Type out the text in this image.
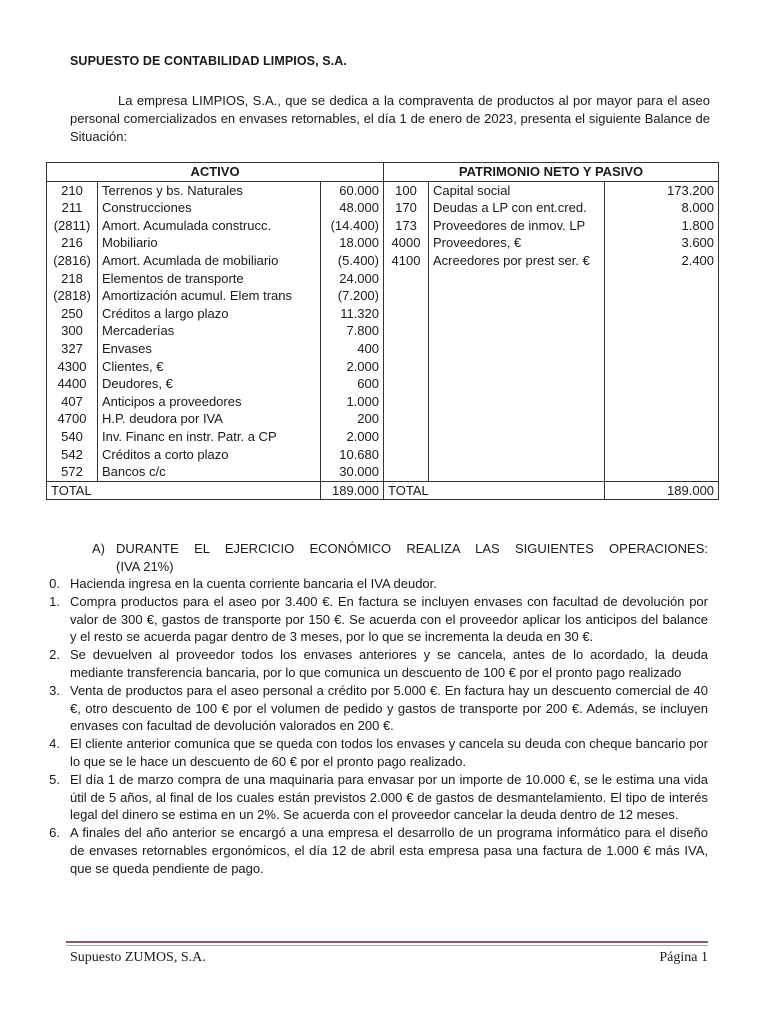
SUPUESTO DE CONTABILIDAD LIMPIOS, S.A.
La empresa LIMPIOS, S.A., que se dedica a la compraventa de productos al por mayor para el aseo personal comercializados en envases retornables, el día 1 de enero de 2023, presenta el siguiente Balance de Situación:
ACTIVO			PATRIMONIO NETO Y PASIVO		
210	Terrenos y bs. Naturales	60.000	100	Capital social	173.200
211	Construcciones	48.000	170	Deudas a LP con ent.cred.	8.000
(2811)	Amort. Acumulada construcc.	(14.400)	173	Proveedores de inmov. LP	1.800
216	Mobiliario	18.000	4000	Proveedores, €	3.600
(2816)	Amort. Acumlada de mobiliario	(5.400)	4100	Acreedores por prest ser. €	2.400
218	Elementos de transporte	24.000			
(2818)	Amortización acumul. Elem trans	(7.200)			
250	Créditos a largo plazo	11.320			
300	Mercaderías	7.800			
327	Envases	400			
4300	Clientes, €	2.000			
4400	Deudores, €	600			
407	Anticipos a proveedores	1.000			
4700	H.P. deudora por IVA	200			
540	Inv. Financ en instr. Patr. a CP	2.000			
542	Créditos a corto plazo	10.680			
572	Bancos c/c	30.000			
TOTAL		189.000	TOTAL		189.000
A) DURANTE EL EJERCICIO ECONÓMICO REALIZA LAS SIGUIENTES OPERACIONES:
(IVA 21%)
0. Hacienda ingresa en la cuenta corriente bancaria el IVA deudor.
1. Compra productos para el aseo por 3.400 €. En factura se incluyen envases con facultad de devolución por valor de 300 €, gastos de transporte por 150 €. Se acuerda con el proveedor aplicar los anticipos del balance y el resto se acuerda pagar dentro de 3 meses, por lo que se incrementa la deuda en 30 €.
2. Se devuelven al proveedor todos los envases anteriores y se cancela, antes de lo acordado, la deuda mediante transferencia bancaria, por lo que comunica un descuento de 100 € por el pronto pago realizado
3. Venta de productos para el aseo personal a crédito por 5.000 €. En factura hay un descuento comercial de 40 €, otro descuento de 100 € por el volumen de pedido y gastos de transporte por 200 €. Además, se incluyen envases con facultad de devolución valorados en 200 €.
4. El cliente anterior comunica que se queda con todos los envases y cancela su deuda con cheque bancario por lo que se le hace un descuento de 60 € por el pronto pago realizado.
5. El día 1 de marzo compra de una maquinaria para envasar por un importe de 10.000 €, se le estima una vida útil de 5 años, al final de los cuales están previstos 2.000 € de gastos de desmantelamiento. El tipo de interés legal del dinero se estima en un 2%. Se acuerda con el proveedor cancelar la deuda dentro de 12 meses.
6. A finales del año anterior se encargó a una empresa el desarrollo de un programa informático para el diseño de envases retornables ergonómicos, el día 12 de abril esta empresa pasa una factura de 1.000 € más IVA, que se queda pendiente de pago.
Supuesto ZUMOS, S.A.	Página 1
